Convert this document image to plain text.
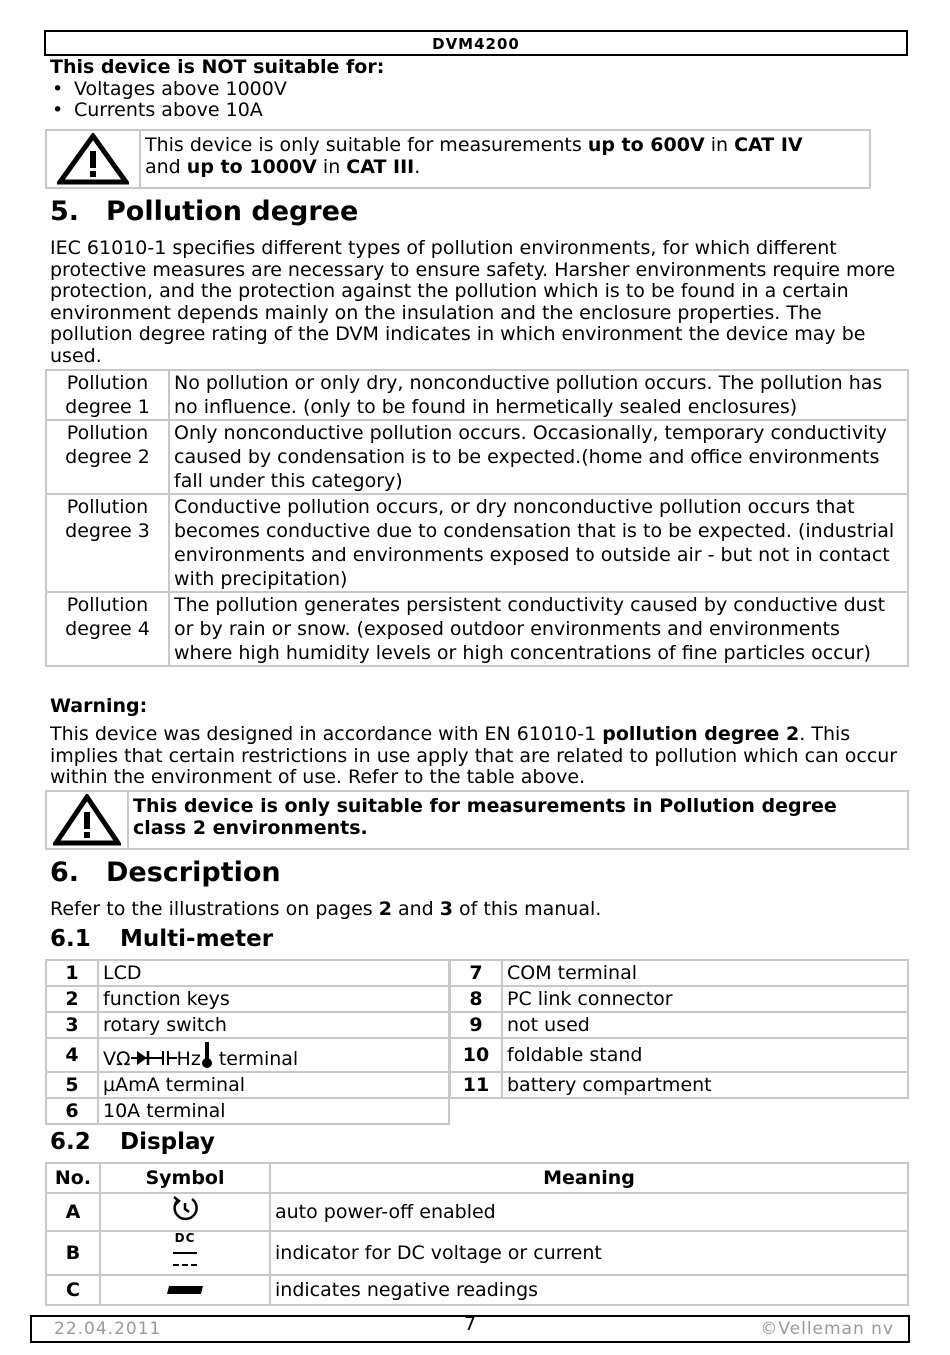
DVM4200
This device is NOT suitable for:
• Voltages above 1000V
• Currents above 10A
This device is only suitable for measurements up to 600V in CAT IV
and up to 1000V in CAT III.
5. Pollution degree
IEC 61010-1 specifies different types of pollution environments, for which different protective measures are necessary to ensure safety. Harsher environments require more protection, and the protection against the pollution which is to be found in a certain environment depends mainly on the insulation and the enclosure properties. The pollution degree rating of the DVM indicates in which environment the device may be used.
Pollution
degree 1	No pollution or only dry, nonconductive pollution occurs. The pollution has no influence. (only to be found in hermetically sealed enclosures)
Pollution
degree 2	Only nonconductive pollution occurs. Occasionally, temporary conductivity caused by condensation is to be expected.(home and office environments fall under this category)
Pollution
degree 3	Conductive pollution occurs, or dry nonconductive pollution occurs that becomes conductive due to condensation that is to be expected. (industrial environments and environments exposed to outside air - but not in contact with precipitation)
Pollution
degree 4	The pollution generates persistent conductivity caused by conductive dust or by rain or snow. (exposed outdoor environments and environments where high humidity levels or high concentrations of fine particles occur)
Warning:
This device was designed in accordance with EN 61010-1 pollution degree 2. This implies that certain restrictions in use apply that are related to pollution which can occur within the environment of use. Refer to the table above.
This device is only suitable for measurements in Pollution degree class 2 environments.
6. Description
Refer to the illustrations on pages 2 and 3 of this manual.
6.1 Multi-meter
1	LCD
2	function keys
3	rotary switch
4	VΩ Hz terminal
5	µAmA terminal
6	10A terminal
7	COM terminal
8	PC link connector
9	not used
10	foldable stand
11	battery compartment
6.2 Display
No.	Symbol	Meaning
A		auto power-off enabled
B	DC	indicator for DC voltage or current
C		indicates negative readings
22.04.2011	7	©Velleman nv
